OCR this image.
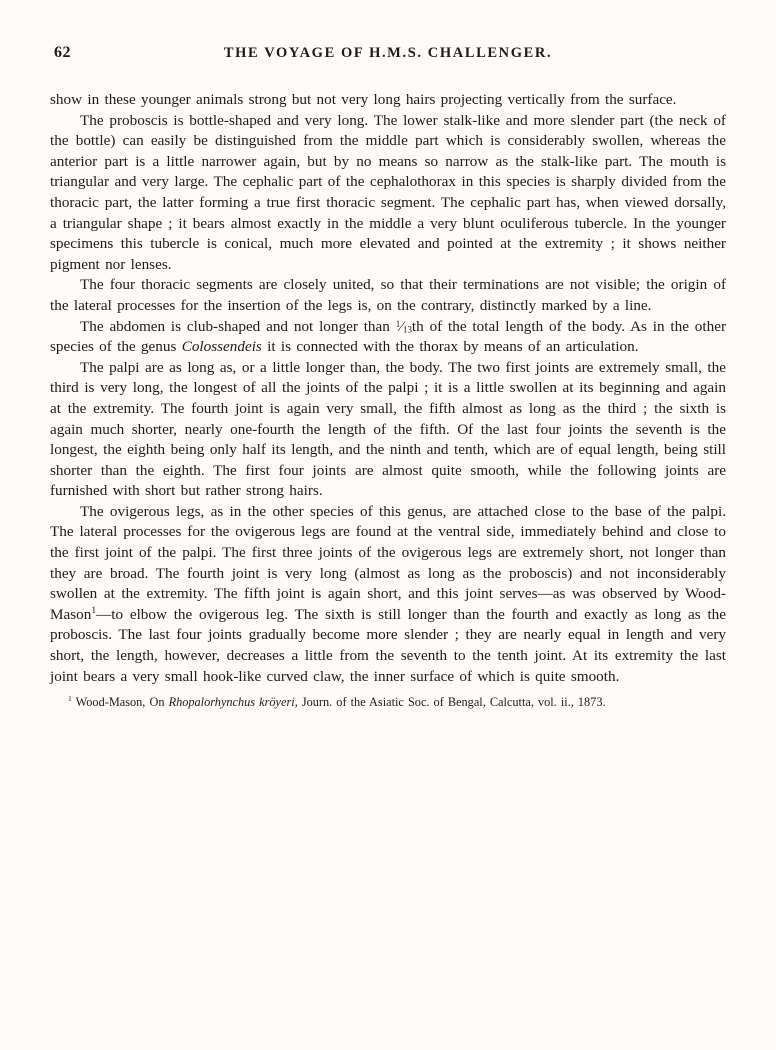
62	THE VOYAGE OF H.M.S. CHALLENGER.

show in these younger animals strong but not very long hairs projecting vertically from the surface.

The proboscis is bottle-shaped and very long. The lower stalk-like and more slender part (the neck of the bottle) can easily be distinguished from the middle part which is considerably swollen, whereas the anterior part is a little narrower again, but by no means so narrow as the stalk-like part. The mouth is triangular and very large. The cephalic part of the cephalothorax in this species is sharply divided from the thoracic part, the latter forming a true first thoracic segment. The cephalic part has, when viewed dorsally, a triangular shape ; it bears almost exactly in the middle a very blunt oculiferous tubercle. In the younger specimens this tubercle is conical, much more elevated and pointed at the extremity ; it shows neither pigment nor lenses.

The four thoracic segments are closely united, so that their terminations are not visible; the origin of the lateral processes for the insertion of the legs is, on the contrary, distinctly marked by a line.

The abdomen is club-shaped and not longer than $^1⁄_{13}th$ of the total length of the body. As in the other species of the genus Colossendeis it is connected with the thorax by means of an articulation.

The palpi are as long as, or a little longer than, the body. The two first joints are extremely small, the third is very long, the longest of all the joints of the palpi ; it is a little swollen at its beginning and again at the extremity. The fourth joint is again very small, the fifth almost as long as the third ; the sixth is again much shorter, nearly one-fourth the length of the fifth. Of the last four joints the seventh is the longest, the eighth being only half its length, and the ninth and tenth, which are of equal length, being still shorter than the eighth. The first four joints are almost quite smooth, while the following joints are furnished with short but rather strong hairs.

The ovigerous legs, as in the other species of this genus, are attached close to the base of the palpi. The lateral processes for the ovigerous legs are found at the ventral side, immediately behind and close to the first joint of the palpi. The first three joints of the ovigerous legs are extremely short, not longer than they are broad. The fourth joint is very long (almost as long as the proboscis) and not inconsiderably swollen at the extremity. The fifth joint is again short, and this joint serves—as was observed by Wood-Mason$^1$—to elbow the ovigerous leg. The sixth is still longer than the fourth and exactly as long as the proboscis. The last four joints gradually become more slender ; they are nearly equal in length and very short, the length, however, decreases a little from the seventh to the tenth joint. At its extremity the last joint bears a very small hook-like curved claw, the inner surface of which is quite smooth.

$^1$ Wood-Mason, On Rhopalorhynchus kröyeri, Journ. of the Asiatic Soc. of Bengal, Calcutta, vol. ii., 1873.
